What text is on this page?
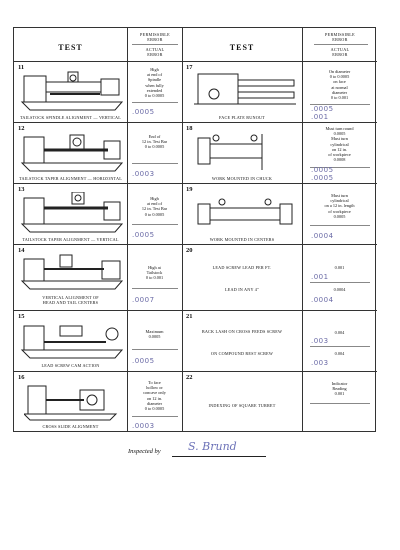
TEST
PERMISSIBLE
ERROR
ACTUAL
ERROR
TEST
PERMISSIBLE
ERROR
ACTUAL
ERROR
11
TAILSTOCK SPINDLE ALIGNMENT — VERTICAL
High
at end of
Spindle
when fully
extended
0 to 0.0005
.0005
12
TAILSTOCK TAPER ALIGNMENT — HORIZONTAL
End of
12 in. Test Bar
0 to 0.0005
.0003
13
TAILSTOCK TAPER ALIGNMENT — VERTICAL
High
at end of
12 in. Test Bar
0 to 0.0005
.0005
14
VERTICAL ALIGNMENT OF
HEAD AND TAIL CENTERS
High at
Tailstock
0 to 0.001
.0007
15
LEAD SCREW CAM ACTION
Maximum
0.0005
.0005
16
CROSS SLIDE ALIGNMENT
To face
hollow or
concave only
on 12 in.
diameter
0 to 0.0005
.0003
17
FACE PLATE RUNOUT
On diameter
0 to 0.0005
on face
at normal
diameter
0 to 0.001
.0005
.001
18
WORK MOUNTED IN CHUCK
Must turn round
0.0005
Must turn
cylindrical
on 12 in.
of workpiece
0.0008
.0005
.0005
19
WORK MOUNTED IN CENTERS
Must turn
cylindrical
on a 12 in. length
of workpiece
0.0005
.0004
20
LEAD SCREW LEAD PER FT.
LEAD IN ANY 4"
0.001
.001
0.0004
.0004
21
BACK LASH ON CROSS FEEDS SCREW
ON COMPOUND REST SCREW
0.004
.003
0.004
.003
22
INDEXING OF SQUARE TURRET
Indicator
Reading
0.001
Inspected by S. Brund
